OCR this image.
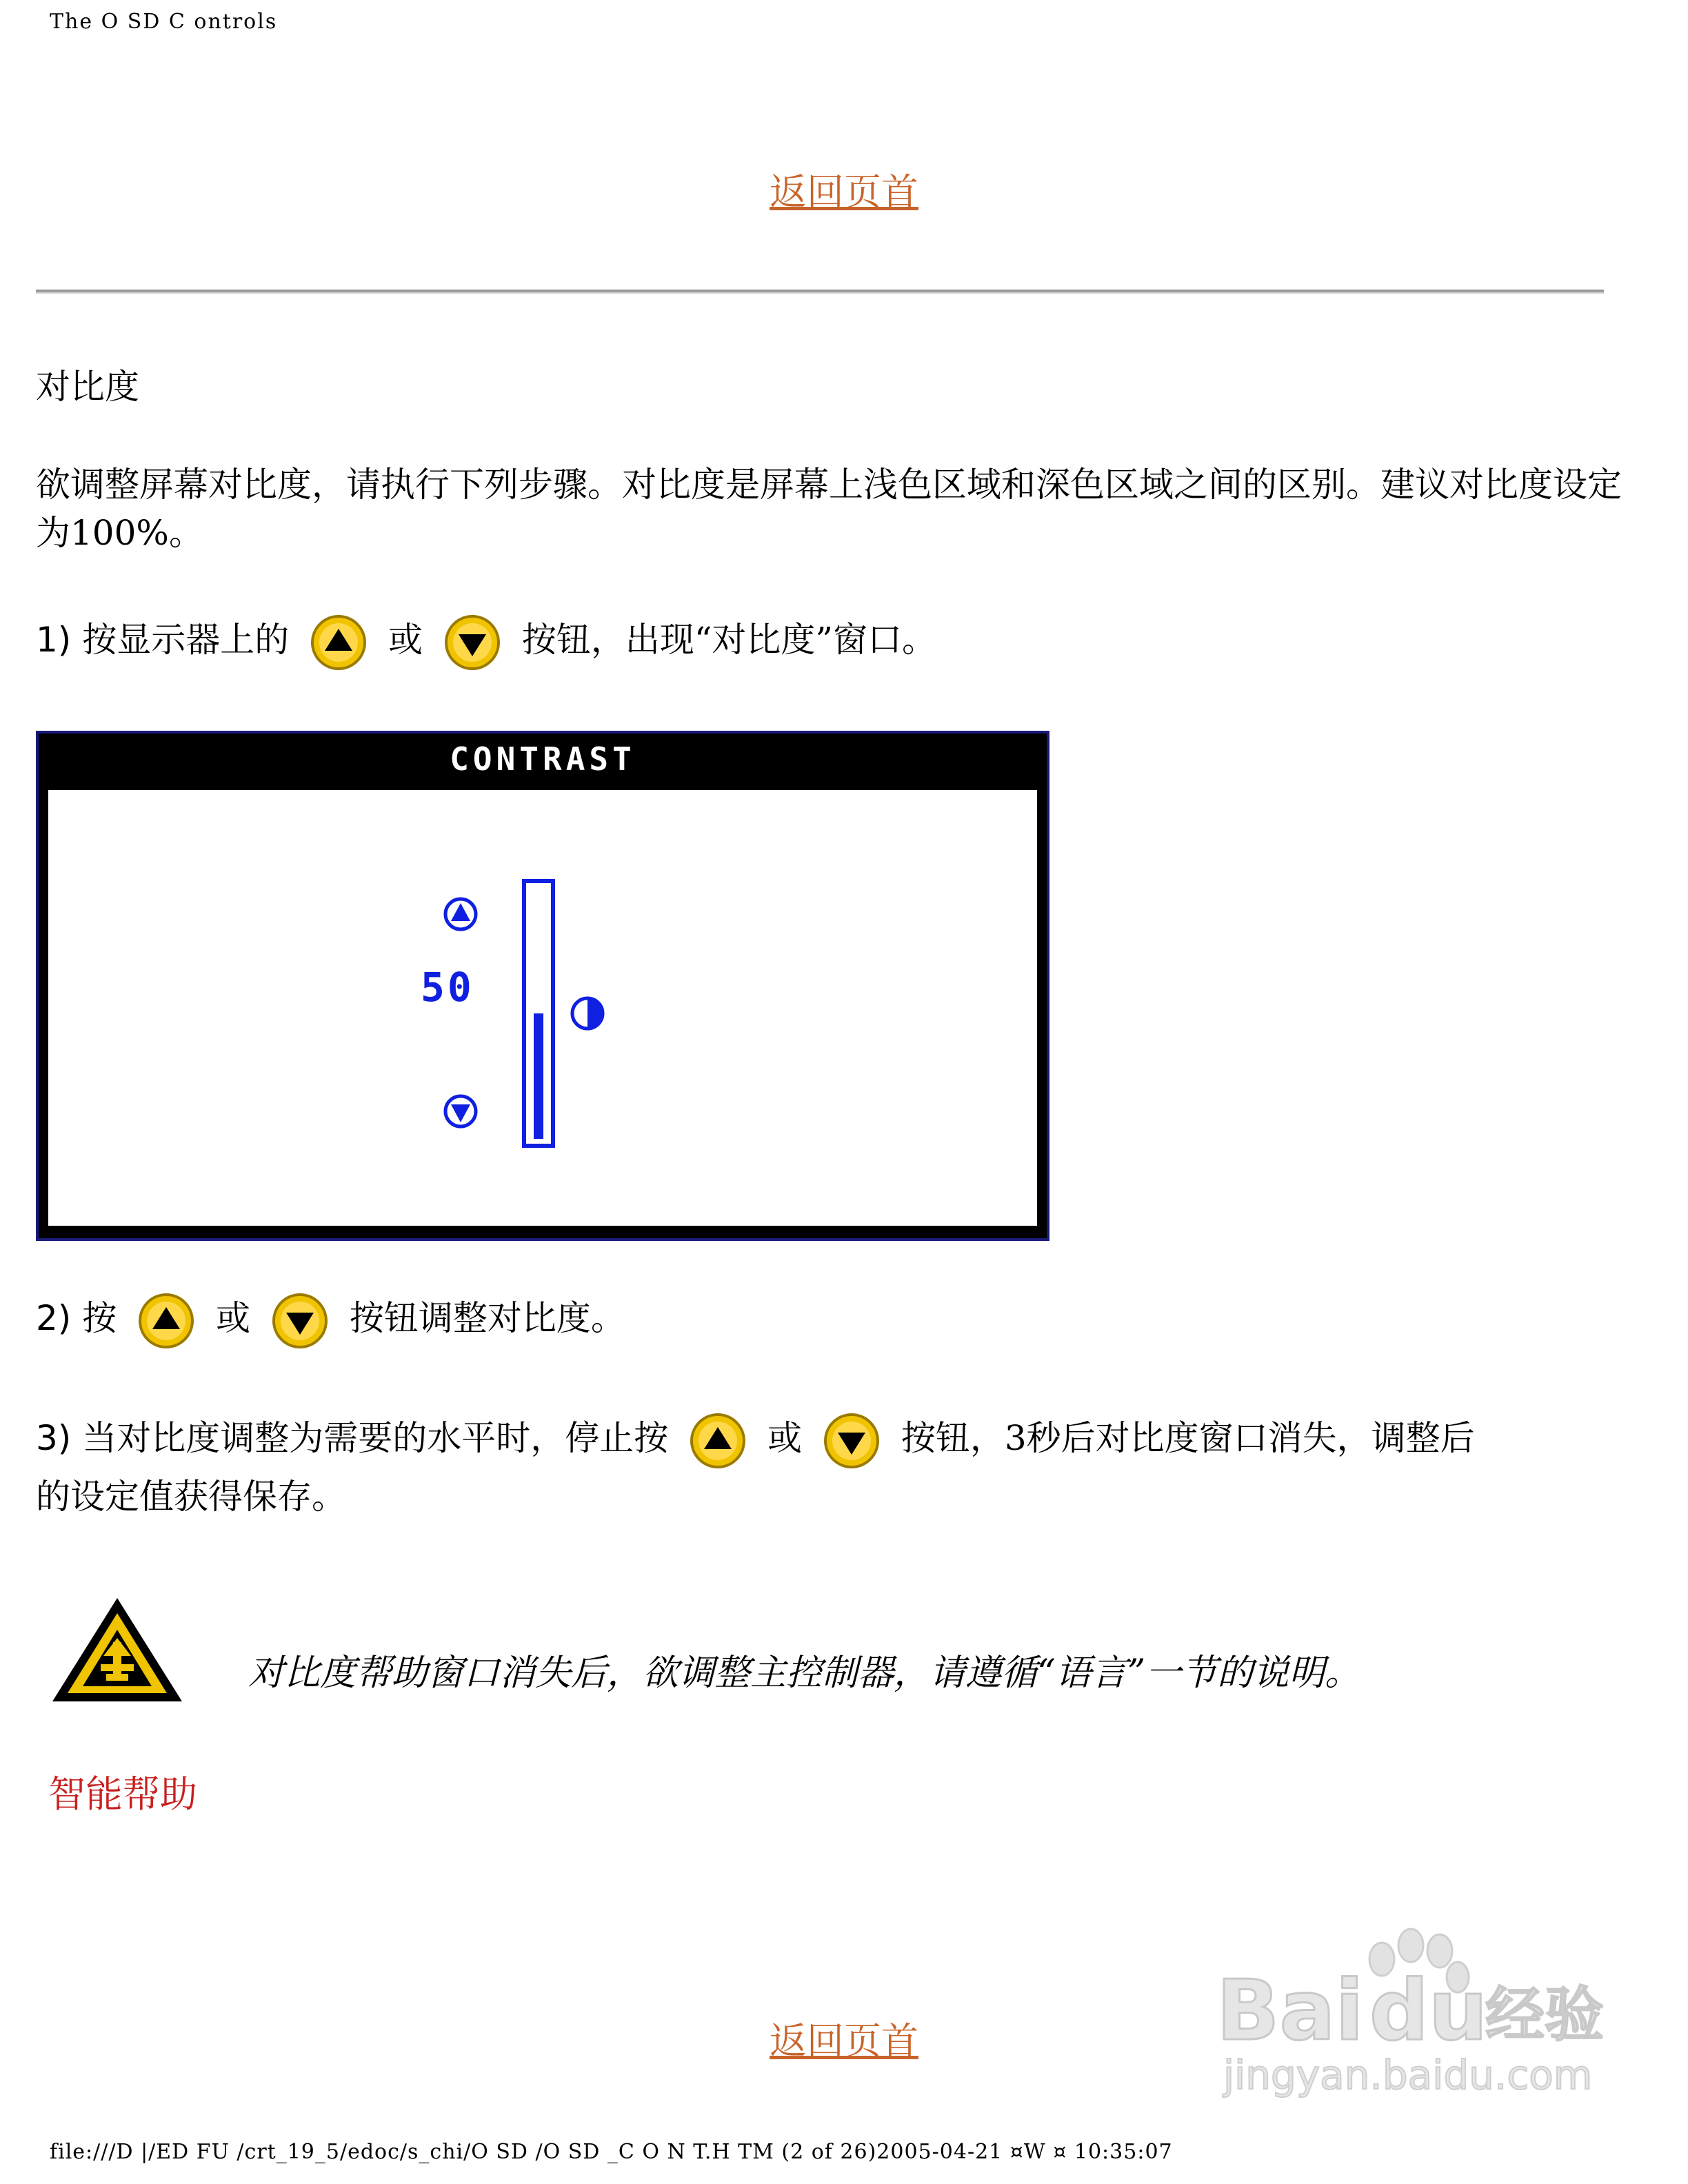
The O SD C ontrols
返回页首
对比度
欲调整屏幕对比度，请执行下列步骤。对比度是屏幕上浅色区域和深色区域之间的区别。建议对比度设定为100%。
1) 按显示器上的	或	按钮，出现“对比度”窗口。
CONTRAST
50
2) 按	或	按钮调整对比度。
3) 当对比度调整为需要的水平时，停止按	或	按钮，3秒后对比度窗口消失，调整后
的设定值获得保存。
对比度帮助窗口消失后，欲调整主控制器，请遵循“语言”一节的说明。
智能帮助
Bai du
经验
jingyan.baidu.com
返回页首
file:///D |/ED FU /crt_19_5/edoc/s_chi/O SD /O SD _C O N T.H TM (2 of 26)2005-04-21 ¤W ¤ 10:35:07
